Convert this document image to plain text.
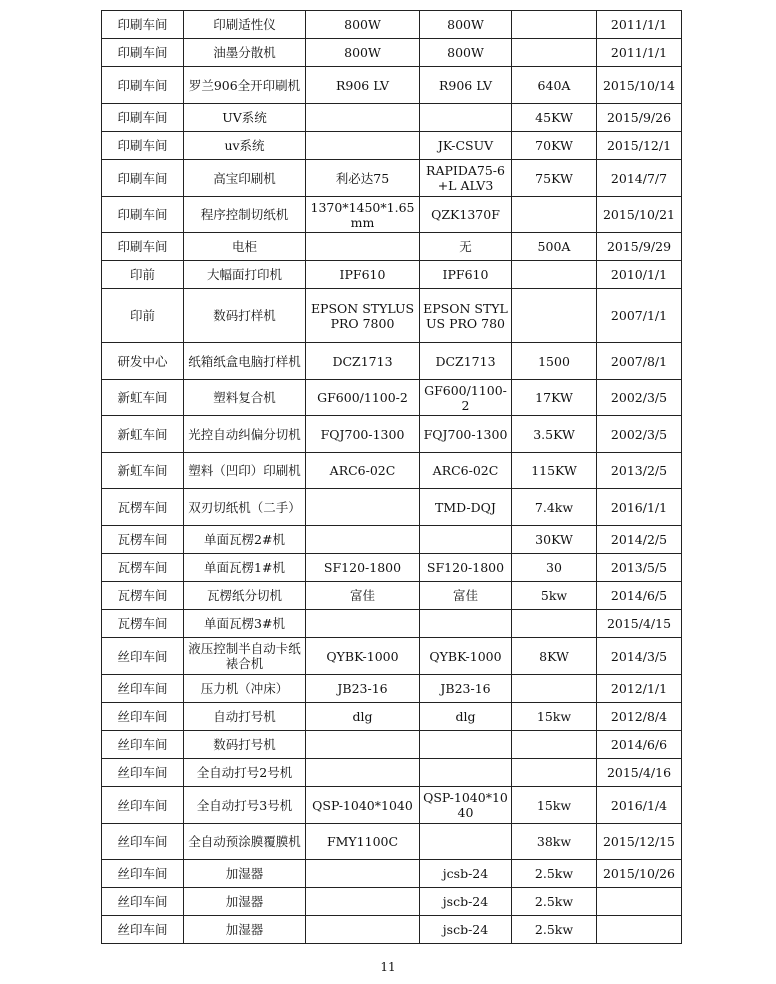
印刷车间	印刷适性仪	800W	800W		2011/1/1
印刷车间	油墨分散机	800W	800W		2011/1/1
印刷车间	罗兰906全开印刷机	R906 LV	R906 LV	640A	2015/10/14
印刷车间	UV系统			45KW	2015/9/26
印刷车间	uv系统		JK-CSUV	70KW	2015/12/1
印刷车间	高宝印刷机	利必达75	RAPIDA75-6+L ALV3	75KW	2014/7/7
印刷车间	程序控制切纸机	1370*1450*1.65mm	QZK1370F		2015/10/21
印刷车间	电柜		无	500A	2015/9/29
印前	大幅面打印机	IPF610	IPF610		2010/1/1
印前	数码打样机	EPSON STYLUS PRO 7800	EPSON STYLUS PRO 780		2007/1/1
研发中心	纸箱纸盒电脑打样机	DCZ1713	DCZ1713	1500	2007/8/1
新虹车间	塑料复合机	GF600/1100-2	GF600/1100-2	17KW	2002/3/5
新虹车间	光控自动纠偏分切机	FQJ700-1300	FQJ700-1300	3.5KW	2002/3/5
新虹车间	塑料（凹印）印刷机	ARC6-02C	ARC6-02C	115KW	2013/2/5
瓦楞车间	双刃切纸机（二手）		TMD-DQJ	7.4kw	2016/1/1
瓦楞车间	单面瓦楞2#机			30KW	2014/2/5
瓦楞车间	单面瓦楞1#机	SF120-1800	SF120-1800	30	2013/5/5
瓦楞车间	瓦楞纸分切机	富佳	富佳	5kw	2014/6/5
瓦楞车间	单面瓦楞3#机				2015/4/15
丝印车间	液压控制半自动卡纸裱合机	QYBK-1000	QYBK-1000	8KW	2014/3/5
丝印车间	压力机（冲床）	JB23-16	JB23-16		2012/1/1
丝印车间	自动打号机	dlg	dlg	15kw	2012/8/4
丝印车间	数码打号机				2014/6/6
丝印车间	全自动打号2号机				2015/4/16
丝印车间	全自动打号3号机	QSP-1040*1040	QSP-1040*1040	15kw	2016/1/4
丝印车间	全自动预涂膜覆膜机	FMY1100C		38kw	2015/12/15
丝印车间	加湿器		jcsb-24	2.5kw	2015/10/26
丝印车间	加湿器		jscb-24	2.5kw	
丝印车间	加湿器		jscb-24	2.5kw	
11
